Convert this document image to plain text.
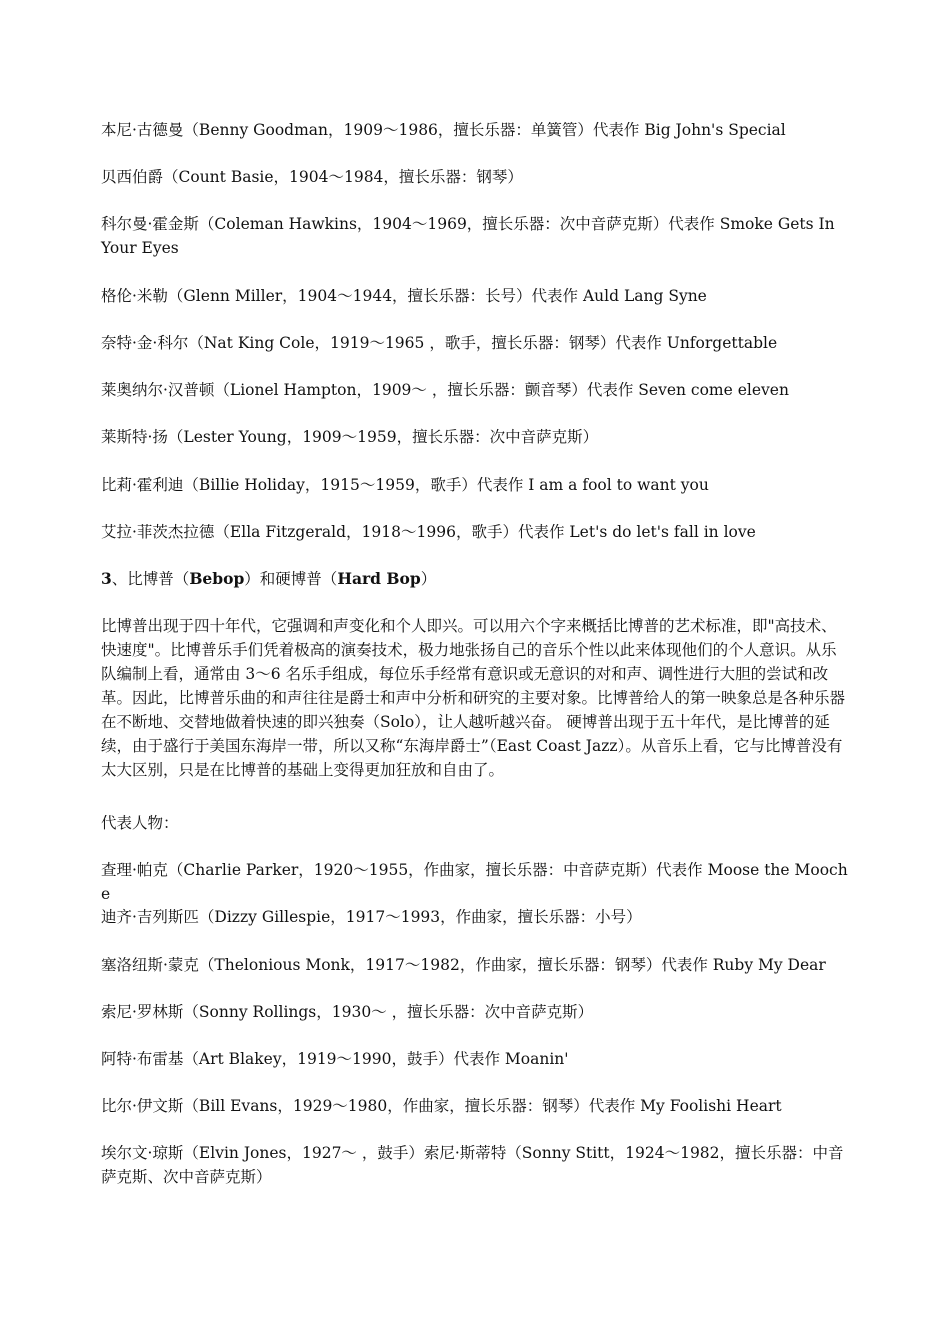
本尼·古德曼（Benny Goodman，1909～1986，擅长乐器：单簧管）代表作 Big John's Special

贝西伯爵（Count Basie，1904～1984，擅长乐器：钢琴）

科尔曼·霍金斯（Coleman Hawkins，1904～1969，擅长乐器：次中音萨克斯）代表作 Smoke Gets In Your Eyes

格伦·米勒（Glenn Miller，1904～1944，擅长乐器：长号）代表作 Auld Lang Syne

奈特·金·科尔（Nat King Cole，1919～1965 ，歌手，擅长乐器：钢琴）代表作 Unforgettable

莱奥纳尔·汉普顿（Lionel Hampton，1909～ ，擅长乐器：颤音琴）代表作 Seven come eleven

莱斯特·扬（Lester Young，1909～1959，擅长乐器：次中音萨克斯）

比莉·霍利迪（Billie Holiday，1915～1959，歌手）代表作 I am a fool to want you

艾拉·菲茨杰拉德（Ella Fitzgerald，1918～1996，歌手）代表作 Let's do let's fall in love

3、比博普（Bebop）和硬博普（Hard Bop）

比博普出现于四十年代，它强调和声变化和个人即兴。可以用六个字来概括比博普的艺术标准，即"高技术、快速度"。比博普乐手们凭着极高的演奏技术，极力地张扬自己的音乐个性以此来体现他们的个人意识。从乐队编制上看，通常由 3～6 名乐手组成，每位乐手经常有意识或无意识的对和声、调性进行大胆的尝试和改革。因此，比博普乐曲的和声往往是爵士和声中分析和研究的主要对象。比博普给人的第一映象总是各种乐器在不断地、交替地做着快速的即兴独奏（Solo），让人越听越兴奋。 硬博普出现于五十年代，是比博普的延续，由于盛行于美国东海岸一带，所以又称“东海岸爵士”（East Coast Jazz）。从音乐上看，它与比博普没有太大区别，只是在比博普的基础上变得更加狂放和自由了。

代表人物：

查理·帕克（Charlie Parker，1920～1955，作曲家，擅长乐器：中音萨克斯）代表作 Moose the Mooche

迪齐·吉列斯匹（Dizzy Gillespie，1917～1993，作曲家，擅长乐器：小号）

塞洛纽斯·蒙克（Thelonious Monk，1917～1982，作曲家，擅长乐器：钢琴）代表作 Ruby My Dear

索尼·罗林斯（Sonny Rollings，1930～ ，擅长乐器：次中音萨克斯）

阿特·布雷基（Art Blakey，1919～1990，鼓手）代表作 Moanin'

比尔·伊文斯（Bill Evans，1929～1980，作曲家，擅长乐器：钢琴）代表作 My Foolishi Heart

埃尔文·琼斯（Elvin Jones，1927～ ，鼓手）索尼·斯蒂特（Sonny Stitt，1924～1982，擅长乐器：中音萨克斯、次中音萨克斯）
